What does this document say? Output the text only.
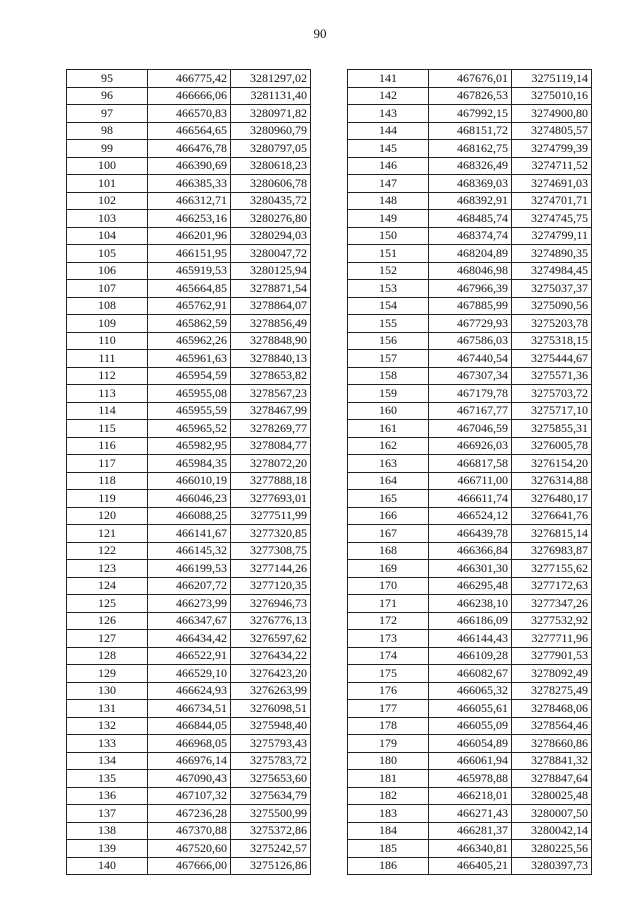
90
95	466775,42	3281297,02
96	466666,06	3281131,40
97	466570,83	3280971,82
98	466564,65	3280960,79
99	466476,78	3280797,05
100	466390,69	3280618,23
101	466385,33	3280606,78
102	466312,71	3280435,72
103	466253,16	3280276,80
104	466201,96	3280294,03
105	466151,95	3280047,72
106	465919,53	3280125,94
107	465664,85	3278871,54
108	465762,91	3278864,07
109	465862,59	3278856,49
110	465962,26	3278848,90
111	465961,63	3278840,13
112	465954,59	3278653,82
113	465955,08	3278567,23
114	465955,59	3278467,99
115	465965,52	3278269,77
116	465982,95	3278084,77
117	465984,35	3278072,20
118	466010,19	3277888,18
119	466046,23	3277693,01
120	466088,25	3277511,99
121	466141,67	3277320,85
122	466145,32	3277308,75
123	466199,53	3277144,26
124	466207,72	3277120,35
125	466273,99	3276946,73
126	466347,67	3276776,13
127	466434,42	3276597,62
128	466522,91	3276434,22
129	466529,10	3276423,20
130	466624,93	3276263,99
131	466734,51	3276098,51
132	466844,05	3275948,40
133	466968,05	3275793,43
134	466976,14	3275783,72
135	467090,43	3275653,60
136	467107,32	3275634,79
137	467236,28	3275500,99
138	467370,88	3275372,86
139	467520,60	3275242,57
140	467666,00	3275126,86
141	467676,01	3275119,14
142	467826,53	3275010,16
143	467992,15	3274900,80
144	468151,72	3274805,57
145	468162,75	3274799,39
146	468326,49	3274711,52
147	468369,03	3274691,03
148	468392,91	3274701,71
149	468485,74	3274745,75
150	468374,74	3274799,11
151	468204,89	3274890,35
152	468046,98	3274984,45
153	467966,39	3275037,37
154	467885,99	3275090,56
155	467729,93	3275203,78
156	467586,03	3275318,15
157	467440,54	3275444,67
158	467307,34	3275571,36
159	467179,78	3275703,72
160	467167,77	3275717,10
161	467046,59	3275855,31
162	466926,03	3276005,78
163	466817,58	3276154,20
164	466711,00	3276314,88
165	466611,74	3276480,17
166	466524,12	3276641,76
167	466439,78	3276815,14
168	466366,84	3276983,87
169	466301,30	3277155,62
170	466295,48	3277172,63
171	466238,10	3277347,26
172	466186,09	3277532,92
173	466144,43	3277711,96
174	466109,28	3277901,53
175	466082,67	3278092,49
176	466065,32	3278275,49
177	466055,61	3278468,06
178	466055,09	3278564,46
179	466054,89	3278660,86
180	466061,94	3278841,32
181	465978,88	3278847,64
182	466218,01	3280025,48
183	466271,43	3280007,50
184	466281,37	3280042,14
185	466340,81	3280225,56
186	466405,21	3280397,73
